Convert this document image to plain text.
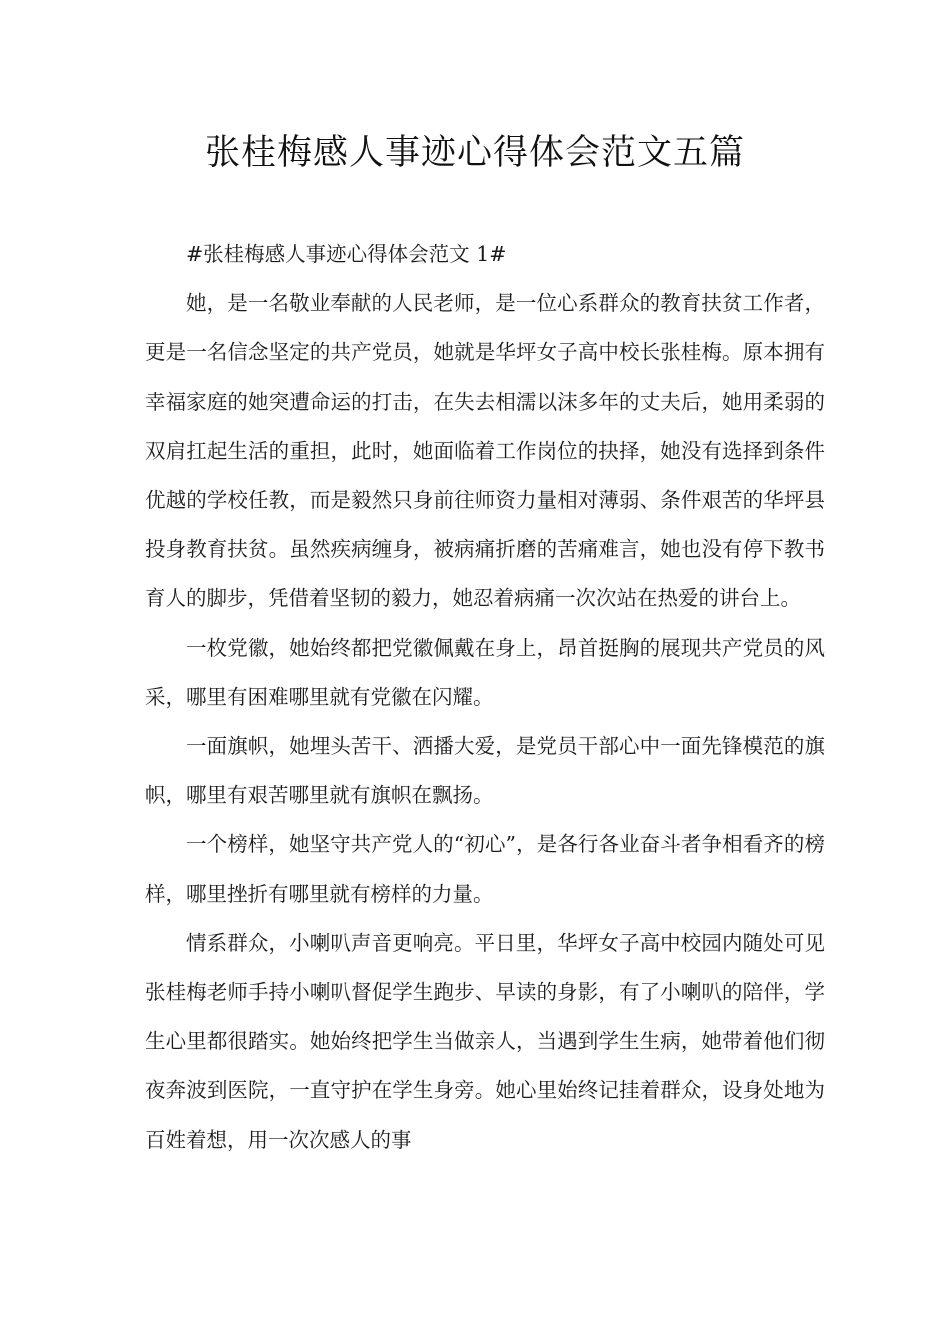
张桂梅感人事迹心得体会范文五篇

#张桂梅感人事迹心得体会范文 1#

她，是一名敬业奉献的人民老师，是一位心系群众的教育扶贫工作者，更是一名信念坚定的共产党员，她就是华坪女子高中校长张桂梅。原本拥有幸福家庭的她突遭命运的打击，在失去相濡以沫多年的丈夫后，她用柔弱的双肩扛起生活的重担，此时，她面临着工作岗位的抉择，她没有选择到条件优越的学校任教，而是毅然只身前往师资力量相对薄弱、条件艰苦的华坪县投身教育扶贫。虽然疾病缠身，被病痛折磨的苦痛难言，她也没有停下教书育人的脚步，凭借着坚韧的毅力，她忍着病痛一次次站在热爱的讲台上。

一枚党徽，她始终都把党徽佩戴在身上，昂首挺胸的展现共产党员的风采，哪里有困难哪里就有党徽在闪耀。

一面旗帜，她埋头苦干、洒播大爱，是党员干部心中一面先锋模范的旗帜，哪里有艰苦哪里就有旗帜在飘扬。

一个榜样，她坚守共产党人的“初心”，是各行各业奋斗者争相看齐的榜样，哪里挫折有哪里就有榜样的力量。

情系群众，小喇叭声音更响亮。平日里，华坪女子高中校园内随处可见张桂梅老师手持小喇叭督促学生跑步、早读的身影，有了小喇叭的陪伴，学生心里都很踏实。她始终把学生当做亲人，当遇到学生生病，她带着他们彻夜奔波到医院，一直守护在学生身旁。她心里始终记挂着群众，设身处地为百姓着想，用一次次感人的事
